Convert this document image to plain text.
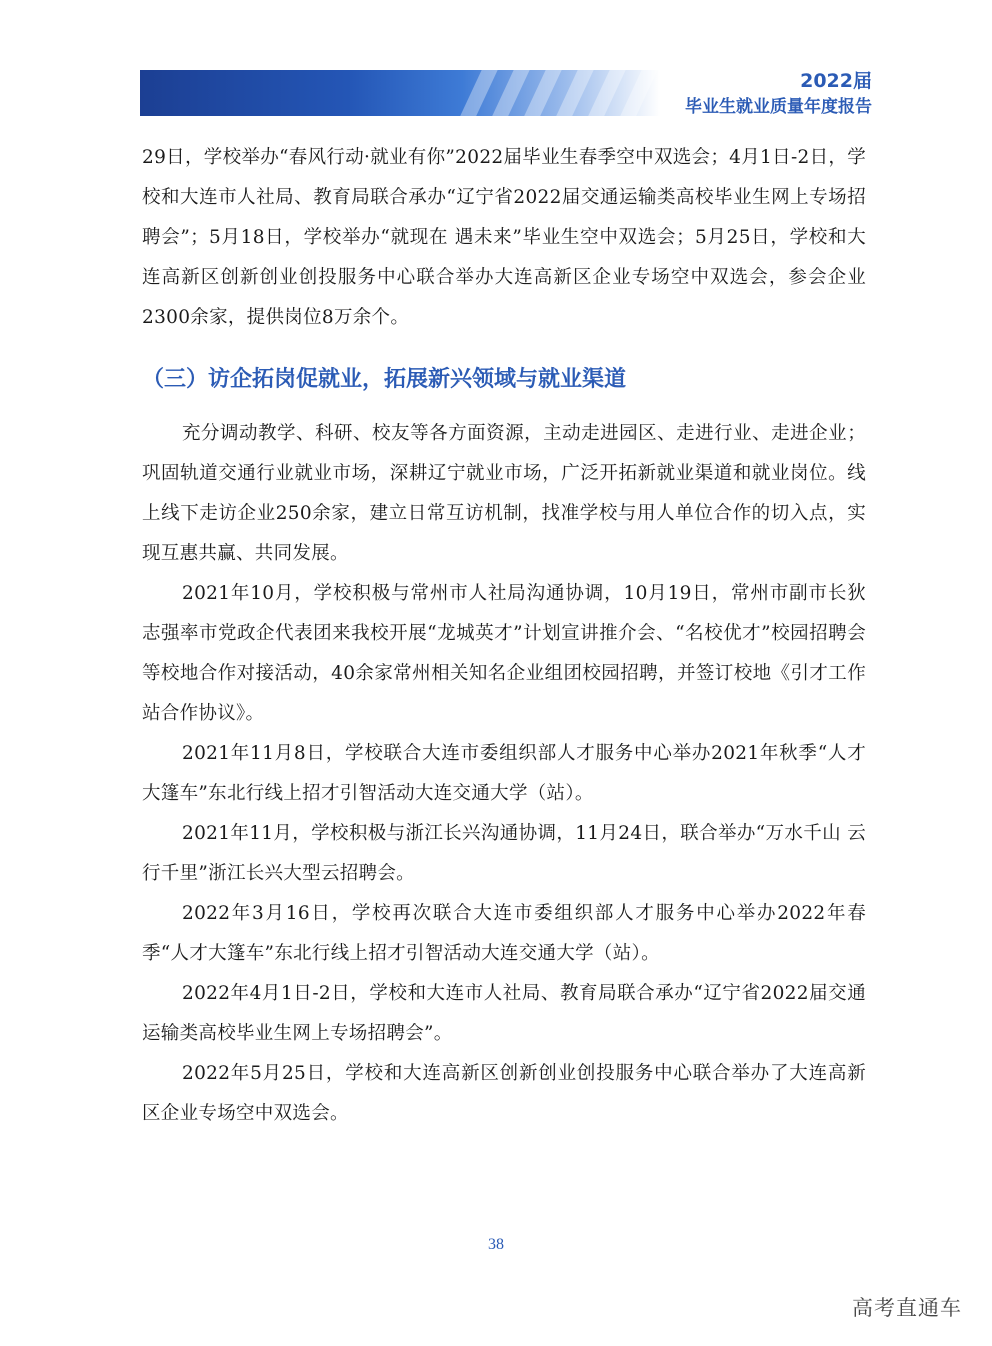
2022届
毕业生就业质量年度报告

29日，学校举办“春风行动·就业有你”2022届毕业生春季空中双选会；4月1日-2日，学校和大连市人社局、教育局联合承办“辽宁省2022届交通运输类高校毕业生网上专场招聘会”；5月18日，学校举办“就现在 遇未来”毕业生空中双选会；5月25日，学校和大连高新区创新创业创投服务中心联合举办大连高新区企业专场空中双选会，参会企业2300余家，提供岗位8万余个。

（三）访企拓岗促就业，拓展新兴领域与就业渠道

充分调动教学、科研、校友等各方面资源，主动走进园区、走进行业、走进企业；巩固轨道交通行业就业市场，深耕辽宁就业市场，广泛开拓新就业渠道和就业岗位。线上线下走访企业250余家，建立日常互访机制，找准学校与用人单位合作的切入点，实现互惠共赢、共同发展。

2021年10月，学校积极与常州市人社局沟通协调，10月19日，常州市副市长狄志强率市党政企代表团来我校开展“龙城英才”计划宣讲推介会、“名校优才”校园招聘会等校地合作对接活动，40余家常州相关知名企业组团校园招聘，并签订校地《引才工作站合作协议》。

2021年11月8日，学校联合大连市委组织部人才服务中心举办2021年秋季“人才大篷车”东北行线上招才引智活动大连交通大学（站）。

2021年11月，学校积极与浙江长兴沟通协调，11月24日，联合举办“万水千山 云行千里”浙江长兴大型云招聘会。

2022年3月16日，学校再次联合大连市委组织部人才服务中心举办2022年春季“人才大篷车”东北行线上招才引智活动大连交通大学（站）。

2022年4月1日-2日，学校和大连市人社局、教育局联合承办“辽宁省2022届交通运输类高校毕业生网上专场招聘会”。

2022年5月25日，学校和大连高新区创新创业创投服务中心联合举办了大连高新区企业专场空中双选会。

38
高考直通车
